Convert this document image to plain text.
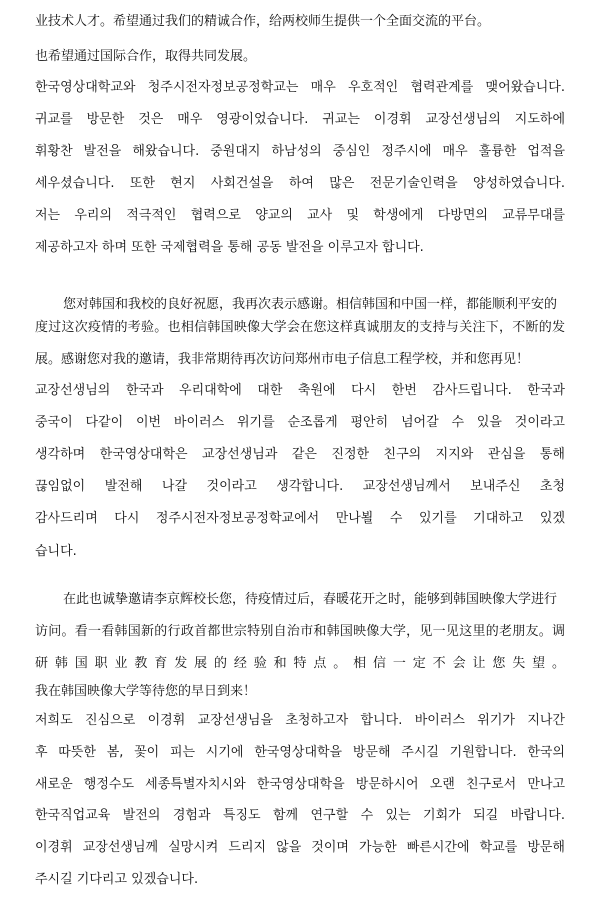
业技术人才。希望通过我们的精诚合作，给两校师生提供一个全面交流的平台。
也希望通过国际合作，取得共同发展。
한국영상대학교와 청주시전자정보공정학교는 매우 우호적인 협력관계를 맺어왔습니다.
귀교를 방문한 것은 매우 영광이었습니다. 귀교는 이경휘 교장선생님의 지도하에
휘황찬 발전을 해왔습니다. 중원대지 하남성의 중심인 정주시에 매우 훌륭한 업적을
세우셨습니다. 또한 현지 사회건설을 하여 많은 전문기술인력을 양성하였습니다.
저는 우리의 적극적인 협력으로 양교의 교사 및 학생에게 다방면의 교류무대를
제공하고자 하며 또한 국제협력을 통해 공동 발전을 이루고자 합니다.
您对韩国和我校的良好祝愿，我再次表示感谢。相信韩国和中国一样，都能顺利平安的
度过这次疫情的考验。也相信韩国映像大学会在您这样真诚朋友的支持与关注下，不断的发
展。感谢您对我的邀请，我非常期待再次访问郑州市电子信息工程学校，并和您再见！
교장선생님의 한국과 우리대학에 대한 축원에 다시 한번 감사드립니다. 한국과
중국이 다같이 이번 바이러스 위기를 순조롭게 평안히 넘어갈 수 있을 것이라고
생각하며 한국영상대학은 교장선생님과 같은 진정한 친구의 지지와 관심을 통해
끊임없이 발전해 나갈 것이라고 생각합니다. 교장선생님께서 보내주신 초청
감사드리며 다시 정주시전자정보공정학교에서 만나뵐 수 있기를 기대하고 있겠
습니다.
在此也诚挚邀请李京辉校长您，待疫情过后，春暖花开之时，能够到韩国映像大学进行
访问。看一看韩国新的行政首都世宗特别自治市和韩国映像大学，见一见这里的老朋友。调
研韩国职业教育发展的经验和特点。相信一定不会让您失望。
我在韩国映像大学等待您的早日到来！
저희도 진심으로 이경휘 교장선생님을 초청하고자 합니다. 바이러스 위기가 지나간
후 따뜻한 봄, 꽃이 피는 시기에 한국영상대학을 방문해 주시길 기원합니다. 한국의
새로운 행정수도 세종특별자치시와 한국영상대학을 방문하시어 오랜 친구로서 만나고
한국직업교육 발전의 경험과 특징도 함께 연구할 수 있는 기회가 되길 바랍니다.
이경휘 교장선생님께 실망시켜 드리지 않을 것이며 가능한 빠른시간에 학교를 방문해
주시길 기다리고 있겠습니다.
